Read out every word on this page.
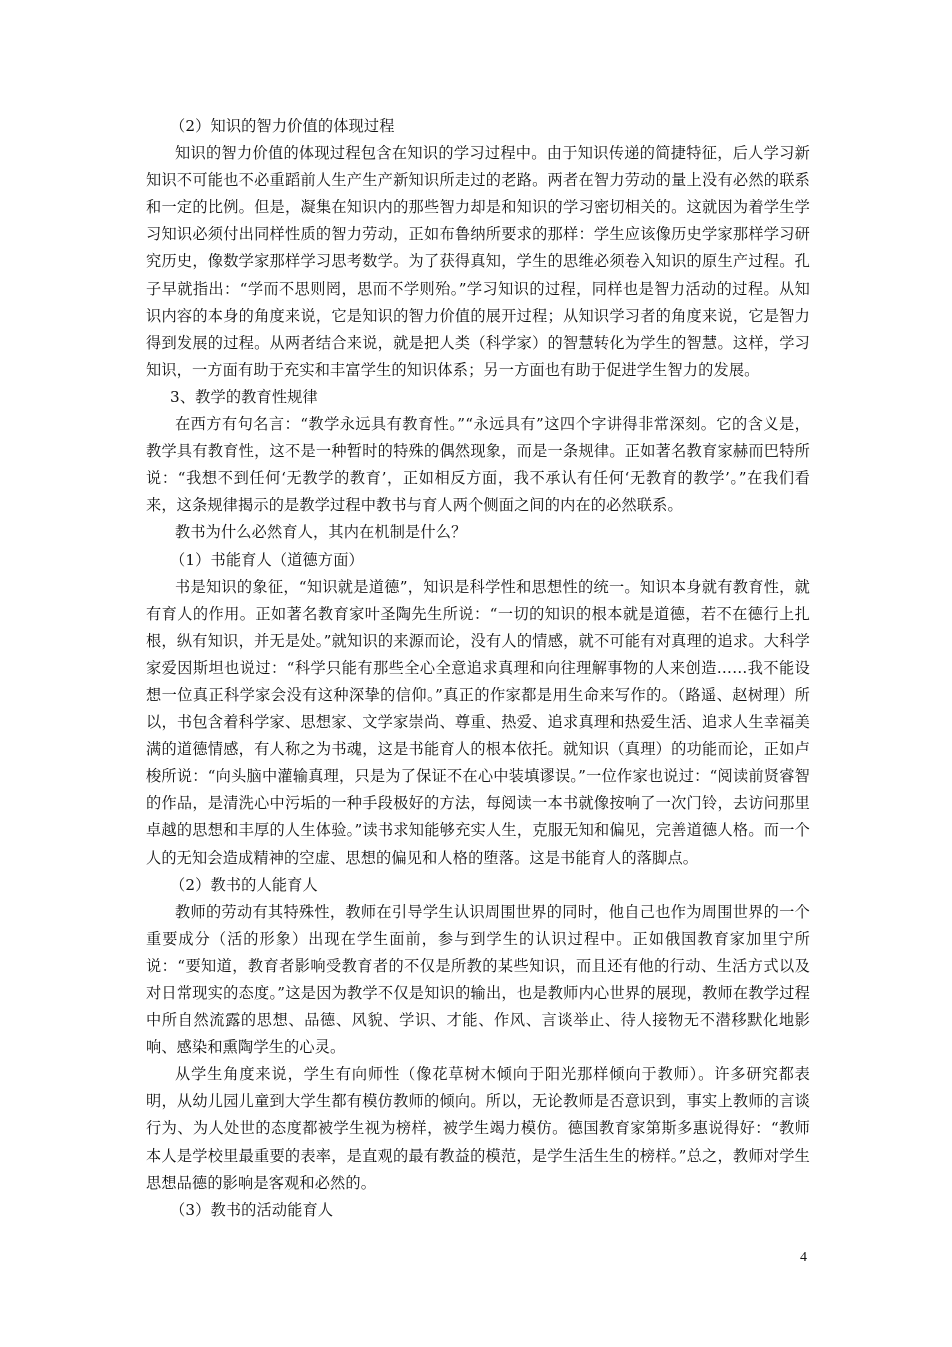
（2）知识的智力价值的体现过程

知识的智力价值的体现过程包含在知识的学习过程中。由于知识传递的简捷特征，后人学习新知识不可能也不必重蹈前人生产生产新知识所走过的老路。两者在智力劳动的量上没有必然的联系和一定的比例。但是，凝集在知识内的那些智力却是和知识的学习密切相关的。这就因为着学生学习知识必须付出同样性质的智力劳动，正如布鲁纳所要求的那样：学生应该像历史学家那样学习研究历史，像数学家那样学习思考数学。为了获得真知，学生的思维必须卷入知识的原生产过程。孔子早就指出：“学而不思则罔，思而不学则殆。”学习知识的过程，同样也是智力活动的过程。从知识内容的本身的角度来说，它是知识的智力价值的展开过程；从知识学习者的角度来说，它是智力得到发展的过程。从两者结合来说，就是把人类（科学家）的智慧转化为学生的智慧。这样，学习知识，一方面有助于充实和丰富学生的知识体系；另一方面也有助于促进学生智力的发展。

3、教学的教育性规律

在西方有句名言：“教学永远具有教育性。”“永远具有”这四个字讲得非常深刻。它的含义是，教学具有教育性，这不是一种暂时的特殊的偶然现象，而是一条规律。正如著名教育家赫而巴特所说：“我想不到任何‘无教学的教育’，正如相反方面，我不承认有任何‘无教育的教学’。”在我们看来，这条规律揭示的是教学过程中教书与育人两个侧面之间的内在的必然联系。

教书为什么必然育人，其内在机制是什么？

（1）书能育人（道德方面）

书是知识的象征，“知识就是道德”，知识是科学性和思想性的统一。知识本身就有教育性，就有育人的作用。正如著名教育家叶圣陶先生所说：“一切的知识的根本就是道德，若不在德行上扎根，纵有知识，并无是处。”就知识的来源而论，没有人的情感，就不可能有对真理的追求。大科学家爱因斯坦也说过：“科学只能有那些全心全意追求真理和向往理解事物的人来创造……我不能设想一位真正科学家会没有这种深挚的信仰。”真正的作家都是用生命来写作的。（路遥、赵树理）所以，书包含着科学家、思想家、文学家崇尚、尊重、热爱、追求真理和热爱生活、追求人生幸福美满的道德情感，有人称之为书魂，这是书能育人的根本依托。就知识（真理）的功能而论，正如卢梭所说：“向头脑中灌输真理，只是为了保证不在心中装填谬误。”一位作家也说过：“阅读前贤睿智的作品，是清洗心中污垢的一种手段极好的方法，每阅读一本书就像按响了一次门铃，去访问那里卓越的思想和丰厚的人生体验。”读书求知能够充实人生，克服无知和偏见，完善道德人格。而一个人的无知会造成精神的空虚、思想的偏见和人格的堕落。这是书能育人的落脚点。

（2）教书的人能育人

教师的劳动有其特殊性，教师在引导学生认识周围世界的同时，他自己也作为周围世界的一个重要成分（活的形象）出现在学生面前，参与到学生的认识过程中。正如俄国教育家加里宁所说：“要知道，教育者影响受教育者的不仅是所教的某些知识，而且还有他的行动、生活方式以及对日常现实的态度。”这是因为教学不仅是知识的输出，也是教师内心世界的展现，教师在教学过程中所自然流露的思想、品德、风貌、学识、才能、作风、言谈举止、待人接物无不潜移默化地影响、感染和熏陶学生的心灵。

从学生角度来说，学生有向师性（像花草树木倾向于阳光那样倾向于教师）。许多研究都表明，从幼儿园儿童到大学生都有模仿教师的倾向。所以，无论教师是否意识到，事实上教师的言谈行为、为人处世的态度都被学生视为榜样，被学生竭力模仿。德国教育家第斯多惠说得好：“教师本人是学校里最重要的表率，是直观的最有教益的模范，是学生活生生的榜样。”总之，教师对学生思想品德的影响是客观和必然的。

（3）教书的活动能育人

4
